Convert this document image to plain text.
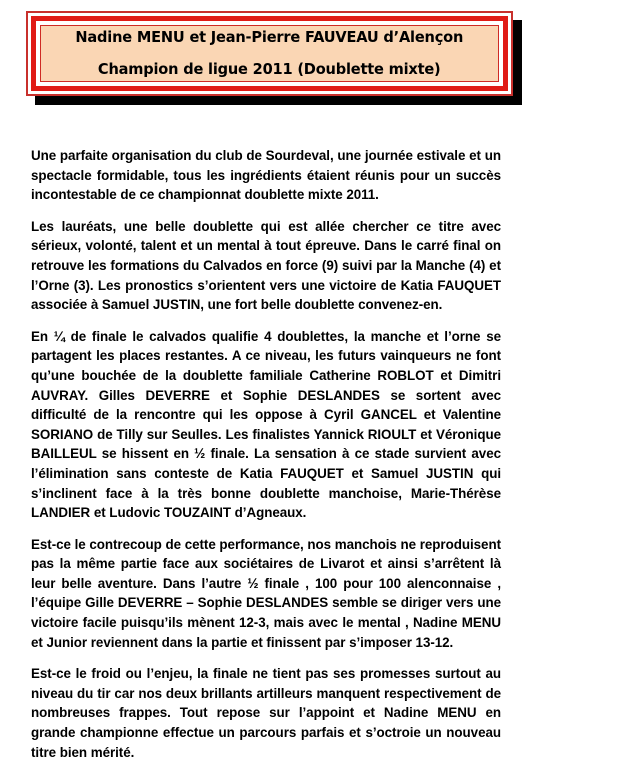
Nadine MENU et Jean-Pierre FAUVEAU d’Alençon
Champion de ligue 2011 (Doublette mixte)

Une parfaite organisation du club de Sourdeval, une journée estivale et un spectacle formidable, tous les ingrédients étaient réunis pour un succès incontestable de ce championnat doublette mixte 2011.

Les lauréats, une belle doublette qui est allée chercher ce titre avec sérieux, volonté, talent et un mental à tout épreuve. Dans le carré final on retrouve les formations du Calvados en force (9) suivi par la Manche (4) et l’Orne (3). Les pronostics s’orientent vers une victoire de Katia FAUQUET associée à Samuel JUSTIN, une fort belle doublette convenez-en.

En ¼ de finale le calvados qualifie 4 doublettes, la manche et l’orne se partagent les places restantes. A ce niveau, les futurs vainqueurs ne font qu’une bouchée de la doublette familiale Catherine ROBLOT et Dimitri AUVRAY. Gilles DEVERRE et Sophie DESLANDES se sortent avec difficulté de la rencontre qui les oppose à Cyril GANCEL et Valentine SORIANO de Tilly sur Seulles. Les finalistes Yannick RIOULT et Véronique BAILLEUL se hissent en ½ finale. La sensation à ce stade survient avec l’élimination sans conteste de Katia FAUQUET et Samuel JUSTIN qui s’inclinent face à la très bonne doublette manchoise, Marie-Thérèse LANDIER et Ludovic TOUZAINT d’Agneaux.

Est-ce le contrecoup de cette performance, nos manchois ne reproduisent pas la même partie face aux sociétaires de Livarot et ainsi s’arrêtent là leur belle aventure. Dans l’autre ½ finale , 100 pour 100 alenconnaise , l’équipe Gille DEVERRE – Sophie DESLANDES semble se diriger vers une victoire facile puisqu’ils mènent 12-3, mais avec le mental , Nadine MENU et Junior reviennent dans la partie et finissent par s’imposer 13-12.

Est-ce le froid ou l’enjeu, la finale ne tient pas ses promesses surtout au niveau du tir car nos deux brillants artilleurs manquent respectivement de nombreuses frappes. Tout repose sur l’appoint et Nadine MENU en grande championne effectue un parcours parfais et s’octroie un nouveau titre bien mérité.
